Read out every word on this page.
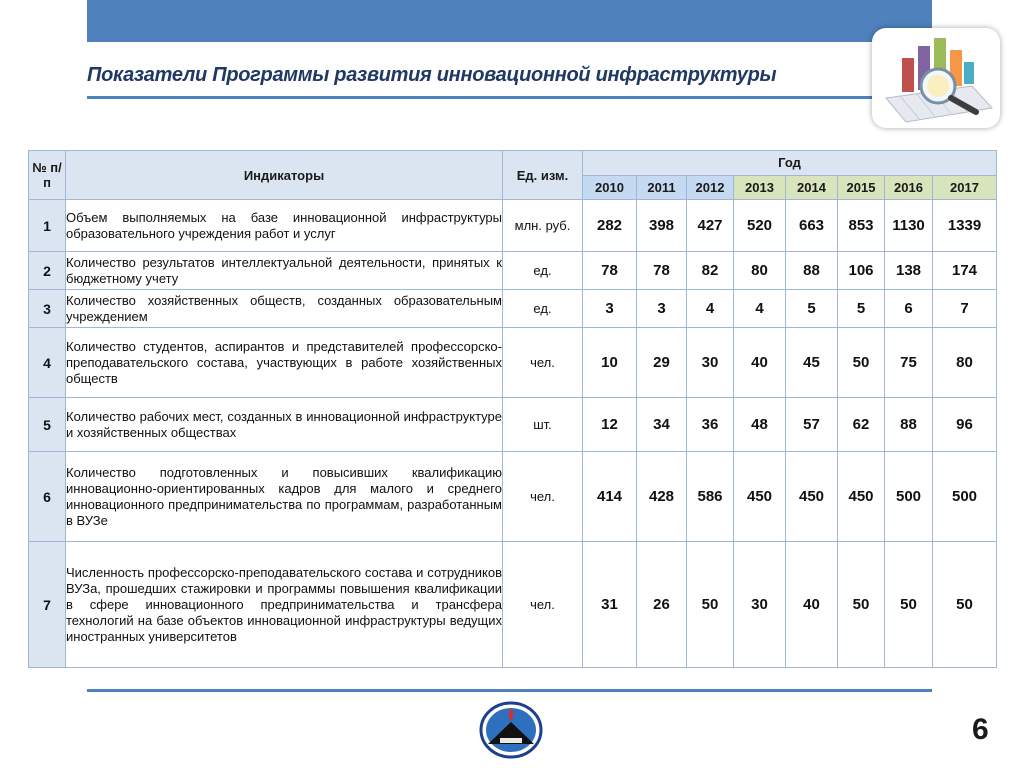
Показатели Программы развития инновационной инфраструктуры
№ п/п	Индикаторы	Ед. изм.	Год							
			2010	2011	2012	2013	2014	2015	2016	2017
1	Объем выполняемых на базе инновационной инфраструктуры образовательного учреждения работ и услуг	млн. руб.	282	398	427	520	663	853	1130	1339
2	Количество результатов интеллектуальной деятельности, принятых к бюджетному учету	ед.	78	78	82	80	88	106	138	174
3	Количество хозяйственных обществ, созданных образовательным учреждением	ед.	3	3	4	4	5	5	6	7
4	Количество студентов, аспирантов и представителей профессорско-преподавательского состава, участвующих в работе хозяйственных обществ	чел.	10	29	30	40	45	50	75	80
5	Количество рабочих мест, созданных в инновационной инфраструктуре и хозяйственных обществах	шт.	12	34	36	48	57	62	88	96
6	Количество подготовленных и повысивших квалификацию инновационно-ориентированных кадров для малого и среднего инновационного предпринимательства по программам, разработанным в ВУЗе	чел.	414	428	586	450	450	450	500	500
7	Численность профессорско-преподавательского состава и сотрудников ВУЗа, прошедших стажировки и программы повышения квалификации в сфере инновационного предпринимательства и трансфера технологий на базе объектов инновационной инфраструктуры ведущих иностранных университетов	чел.	31	26	50	30	40	50	50	50
6
